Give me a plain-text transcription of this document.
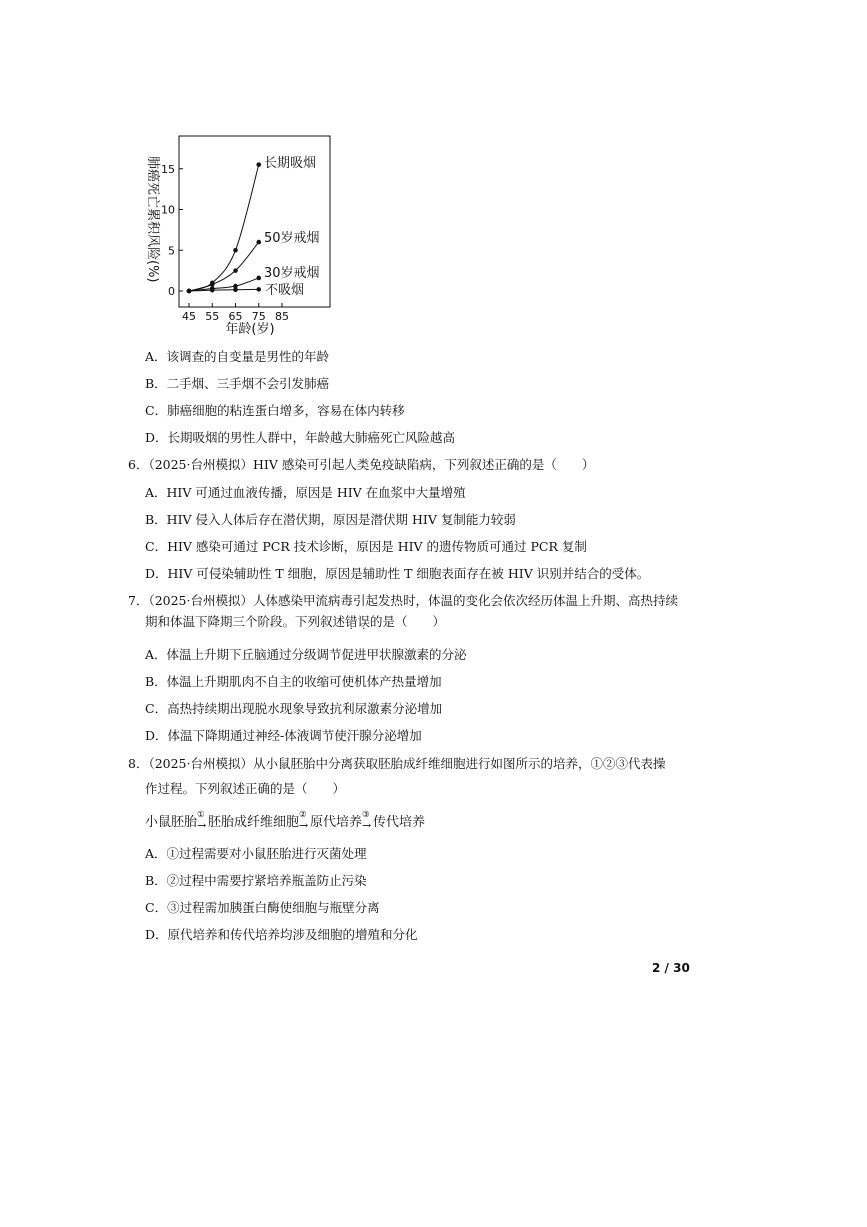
0
5
10
15
45 55 65 75 85
年龄(岁)
肺癌死亡累积风险(%)	长期吸烟
50岁戒烟
30岁戒烟
不吸烟
A．该调查的自变量是男性的年龄
B．二手烟、三手烟不会引发肺癌
C．肺癌细胞的粘连蛋白增多，容易在体内转移
D．长期吸烟的男性人群中，年龄越大肺癌死亡风险越高
6．（2025·台州模拟）HIV 感染可引起人类免疫缺陷病，下列叙述正确的是（　　）
A．HIV 可通过血液传播，原因是 HIV 在血浆中大量增殖
B．HIV 侵入人体后存在潜伏期，原因是潜伏期 HIV 复制能力较弱
C．HIV 感染可通过 PCR 技术诊断，原因是 HIV 的遗传物质可通过 PCR 复制
D．HIV 可侵染辅助性 T 细胞，原因是辅助性 T 细胞表面存在被 HIV 识别并结合的受体。
7．（2025·台州模拟）人体感染甲流病毒引起发热时，体温的变化会依次经历体温上升期、高热持续
期和体温下降期三个阶段。下列叙述错误的是（　　）
A．体温上升期下丘脑通过分级调节促进甲状腺激素的分泌
B．体温上升期肌肉不自主的收缩可使机体产热量增加
C．高热持续期出现脱水现象导致抗利尿激素分泌增加
D．体温下降期通过神经-体液调节使汗腺分泌增加
8．（2025·台州模拟）从小鼠胚胎中分离获取胚胎成纤维细胞进行如图所示的培养，①②③代表操
作过程。下列叙述正确的是（　　）
小鼠胚胎 ①
→ 胚胎成纤维细胞 ②
→ 原代培养 ③
→ 传代培养
A．①过程需要对小鼠胚胎进行灭菌处理
B．②过程中需要拧紧培养瓶盖防止污染
C．③过程需加胰蛋白酶使细胞与瓶壁分离
D．原代培养和传代培养均涉及细胞的增殖和分化
2 / 30
